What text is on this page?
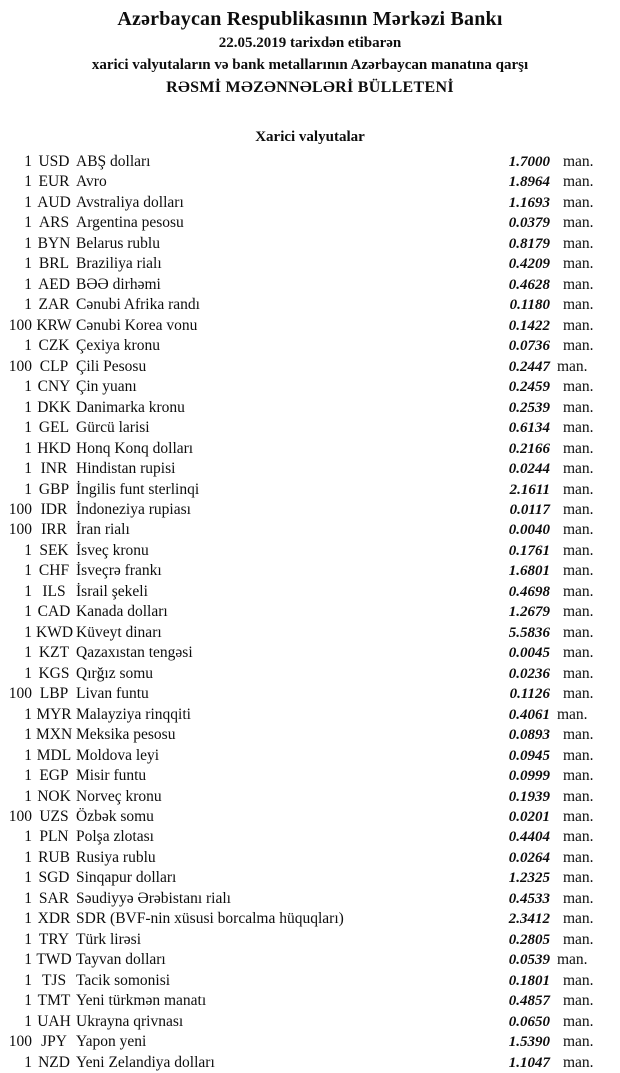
Azərbaycan Respublikasının Mərkəzi Bankı
22.05.2019 tarixdən etibarən
xarici valyutaların və bank metallarının Azərbaycan manatına qarşı
RƏSMİ MƏZƏNNƏLƏRİ BÜLLETENİ
Xarici valyutalar
1 USD ABŞ dolları	1.7000 man.
1 EUR Avro	1.8964 man.
1 AUD Avstraliya dolları	1.1693 man.
1 ARS Argentina pesosu	0.0379 man.
1 BYN Belarus rublu	0.8179 man.
1 BRL Braziliya rialı	0.4209 man.
1 AED BƏƏ dirhəmi	0.4628 man.
1 ZAR Cənubi Afrika randı	0.1180 man.
100 KRW Cənubi Korea vonu	0.1422 man.
1 CZK Çexiya kronu	0.0736 man.
100 CLP Çili Pesosu	0.2447 man.
1 CNY Çin yuanı	0.2459 man.
1 DKK Danimarka kronu	0.2539 man.
1 GEL Gürcü larisi	0.6134 man.
1 HKD Honq Konq dolları	0.2166 man.
1 INR Hindistan rupisi	0.0244 man.
1 GBP İngilis funt sterlinqi	2.1611 man.
100 IDR İndoneziya rupiası	0.0117 man.
100 IRR İran rialı	0.0040 man.
1 SEK İsveç kronu	0.1761 man.
1 CHF İsveçrə frankı	1.6801 man.
1 ILS İsrail şekeli	0.4698 man.
1 CAD Kanada dolları	1.2679 man.
1 KWD Küveyt dinarı	5.5836 man.
1 KZT Qazaxıstan tengəsi	0.0045 man.
1 KGS Qırğız somu	0.0236 man.
100 LBP Livan funtu	0.1126 man.
1 MYR Malayziya rinqqiti	0.4061 man.
1 MXN Meksika pesosu	0.0893 man.
1 MDL Moldova leyi	0.0945 man.
1 EGP Misir funtu	0.0999 man.
1 NOK Norveç kronu	0.1939 man.
100 UZS Özbək somu	0.0201 man.
1 PLN Polşa zlotası	0.4404 man.
1 RUB Rusiya rublu	0.0264 man.
1 SGD Sinqapur dolları	1.2325 man.
1 SAR Səudiyyə Ərəbistanı rialı	0.4533 man.
1 XDR SDR (BVF-nin xüsusi borcalma hüquqları)	2.3412 man.
1 TRY Türk lirəsi	0.2805 man.
1 TWD Tayvan dolları	0.0539 man.
1 TJS Tacik somonisi	0.1801 man.
1 TMT Yeni türkmən manatı	0.4857 man.
1 UAH Ukrayna qrivnası	0.0650 man.
100 JPY Yapon yeni	1.5390 man.
1 NZD Yeni Zelandiya dolları	1.1047 man.
